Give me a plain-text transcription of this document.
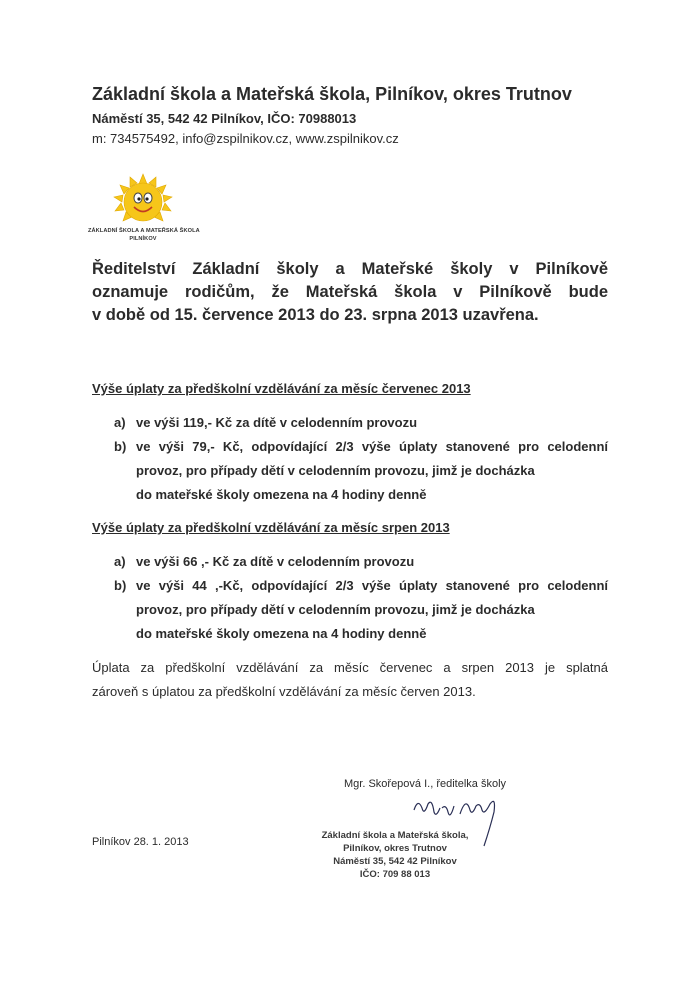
Základní škola a Mateřská škola, Pilníkov, okres Trutnov
Náměstí 35, 542 42 Pilníkov, IČO: 70988013
m: 734575492, info@zspilnikov.cz, www.zspilnikov.cz
ZÁKLADNÍ ŠKOLA A MATEŘSKÁ ŠKOLA
PILNÍKOV
Ředitelství Základní školy a Mateřské školy v Pilníkově
oznamuje rodičům, že Mateřská škola v Pilníkově bude
v době od 15. července 2013 do 23. srpna 2013 uzavřena.
Výše úplaty za předškolní vzdělávání za měsíc červenec 2013
a) ve výši 119,- Kč za dítě v celodenním provozu
b) ve výši 79,- Kč, odpovídající 2/3 výše úplaty stanovené pro celodenní
provoz, pro případy dětí v celodenním provozu, jimž je docházka
do mateřské školy omezena na 4 hodiny denně
Výše úplaty za předškolní vzdělávání za měsíc srpen 2013
a) ve výši 66 ,- Kč za dítě v celodenním provozu
b) ve výši 44 ,-Kč, odpovídající 2/3 výše úplaty stanovené pro celodenní
provoz, pro případy dětí v celodenním provozu, jimž je docházka
do mateřské školy omezena na 4 hodiny denně
Úplata za předškolní vzdělávání za měsíc červenec a srpen 2013 je splatná
zároveň s úplatou za předškolní vzdělávání za měsíc červen 2013.
Mgr. Skořepová I., ředitelka školy
Pilníkov 28. 1. 2013
Základní škola a Mateřská škola,
Pilníkov, okres Trutnov
Náměstí 35, 542 42 Pilníkov
IČO: 709 88 013
